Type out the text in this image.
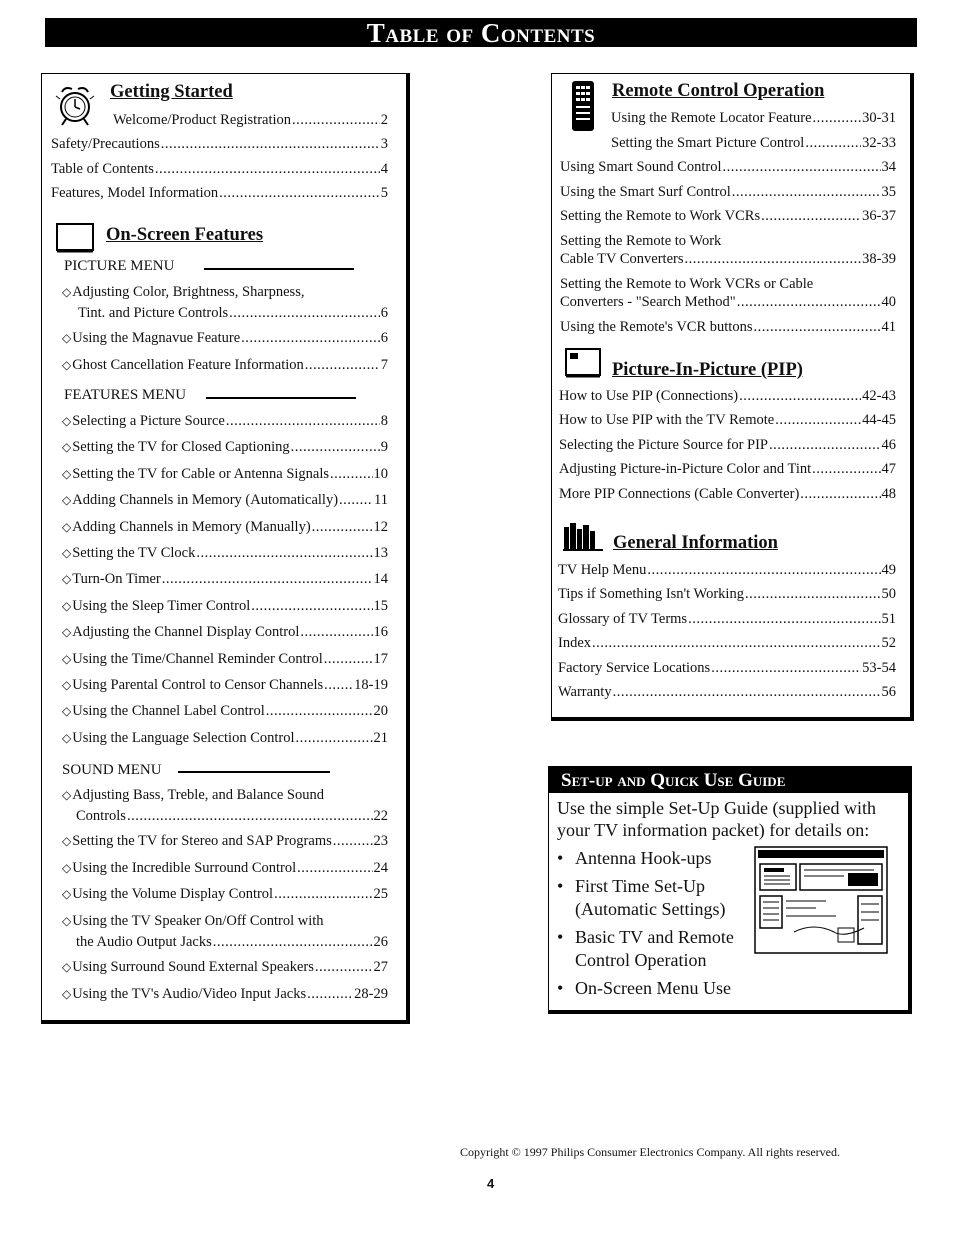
Table of Contents
Getting Started
Welcome/Product Registration .....	2
Safety/Precautions .....	3
Table of Contents .....	4
Features, Model Information .....	5
On-Screen Features
PICTURE MENU
◇Adjusting Color, Brightness, Sharpness,
Tint. and Picture Controls .....	6
◇Using the Magnavue Feature .....	6
◇Ghost Cancellation Feature Information .....	7
FEATURES MENU
◇Selecting a Picture Source .....	8
◇Setting the TV for Closed Captioning .....	9
◇Setting the TV for Cable or Antenna Signals .....	10
◇Adding Channels in Memory (Automatically) ..... 11
◇Adding Channels in Memory (Manually) .....	12
◇Setting the TV Clock .....	13
◇Turn-On Timer .....	14
◇Using the Sleep Timer Control .....	15
◇Adjusting the Channel Display Control .....	16
◇Using the Time/Channel Reminder Control .....	17
◇Using Parental Control to Censor Channels ..... 18-19
◇Using the Channel Label Control .....	20
◇Using the Language Selection Control .....	21
SOUND MENU
◇Adjusting Bass, Treble, and Balance Sound
Controls .....	22
◇Setting the TV for Stereo and SAP Programs .....	23
◇Using the Incredible Surround Control .....	24
◇Using the Volume Display Control .....	25
◇Using the TV Speaker On/Off Control with
the Audio Output Jacks .....	26
◇Using Surround Sound External Speakers .....	27
◇Using the TV's Audio/Video Input Jacks .....	28-29
Remote Control Operation
Using the Remote Locator Feature .....	30-31
Setting the Smart Picture Control .....	32-33
Using Smart Sound Control .....	34
Using the Smart Surf Control .....	35
Setting the Remote to Work VCRs .....	36-37
Setting the Remote to Work
Cable TV Converters .....	38-39
Setting the Remote to Work VCRs or Cable
Converters - "Search Method" .....	40
Using the Remote's VCR buttons .....	41
Picture-In-Picture (PIP)
How to Use PIP (Connections) .....	42-43
How to Use PIP with the TV Remote .....	44-45
Selecting the Picture Source for PIP .....	46
Adjusting Picture-in-Picture Color and Tint .....	47
More PIP Connections (Cable Converter) .....	48
General Information
TV Help Menu .....	49
Tips if Something Isn't Working .....	50
Glossary of TV Terms .....	51
Index .....	52
Factory Service Locations .....	53-54
Warranty .....	56
Set-up and Quick Use Guide
Use the simple Set-Up Guide (supplied with your TV information packet) for details on:
• Antenna Hook-ups
• First Time Set-Up
(Automatic Settings)
• Basic TV and Remote
Control Operation
• On-Screen Menu Use
Copyright © 1997 Philips Consumer Electronics Company. All rights reserved.
4
